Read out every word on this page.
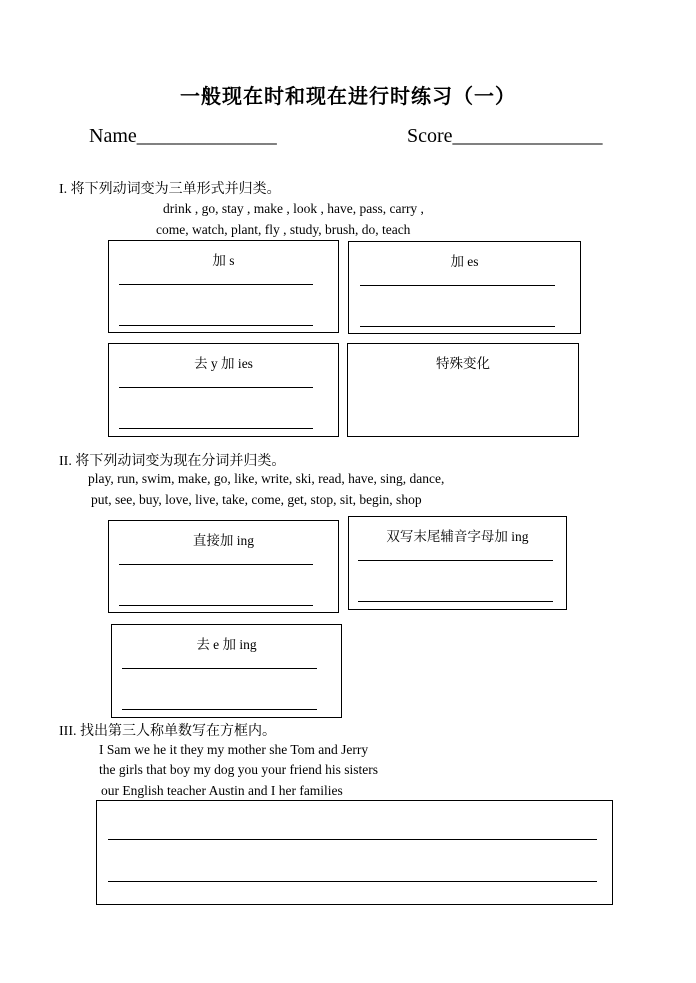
一般现在时和现在进行时练习（一）
Name______________	Score_______________
I. 将下列动词变为三单形式并归类。
drink , go, stay , make , look , have, pass, carry ,
come, watch, plant, fly , study, brush, do, teach
加 s	加 es
去 y 加 ies	特殊变化
II. 将下列动词变为现在分词并归类。
play, run, swim, make, go, like, write, ski, read, have, sing, dance,
put, see, buy, love, live, take, come, get, stop, sit, begin, shop
直接加 ing	双写末尾辅音字母加 ing
去 e 加 ing
III. 找出第三人称单数写在方框内。
I Sam we he it they my mother she Tom and Jerry
the girls that boy my dog you your friend his sisters
our English teacher Austin and I her families
